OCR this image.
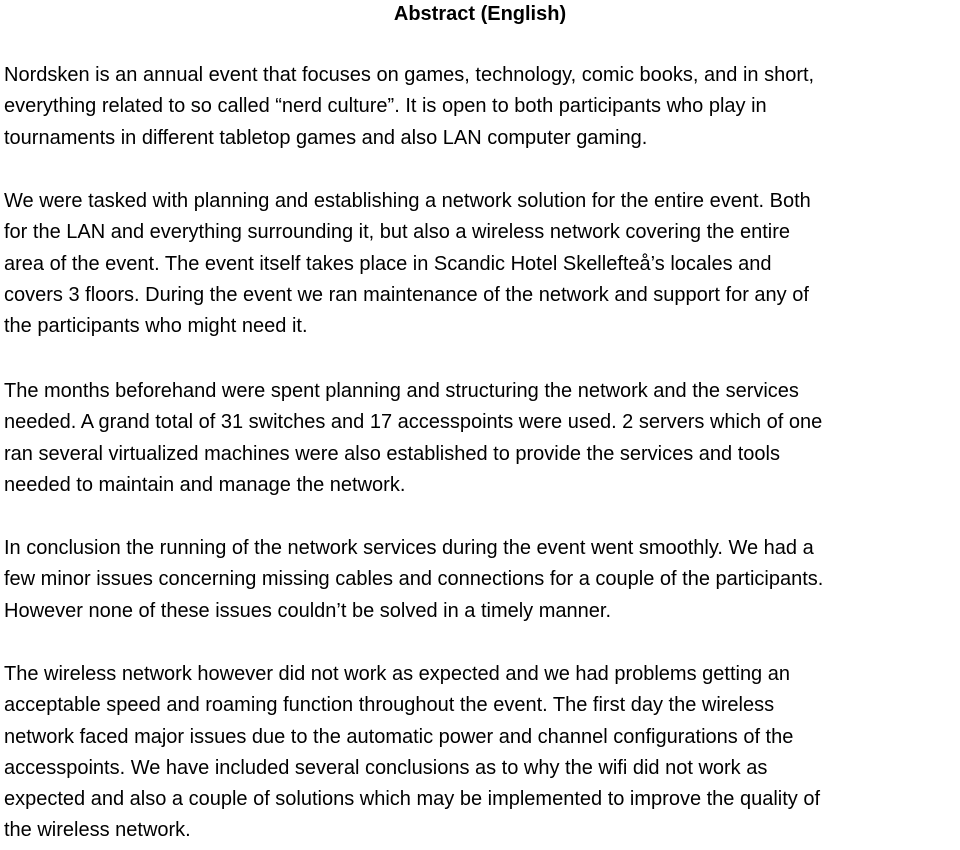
Abstract (English)

Nordsken is an annual event that focuses on games, technology, comic books, and in short,
everything related to so called “nerd culture”. It is open to both participants who play in
tournaments in different tabletop games and also LAN computer gaming.

We were tasked with planning and establishing a network solution for the entire event. Both
for the LAN and everything surrounding it, but also a wireless network covering the entire
area of the event. The event itself takes place in Scandic Hotel Skellefteå’s locales and
covers 3 floors. During the event we ran maintenance of the network and support for any of
the participants who might need it.

The months beforehand were spent planning and structuring the network and the services
needed. A grand total of 31 switches and 17 accesspoints were used. 2 servers which of one
ran several virtualized machines were also established to provide the services and tools
needed to maintain and manage the network.

In conclusion the running of the network services during the event went smoothly. We had a
few minor issues concerning missing cables and connections for a couple of the participants.
However none of these issues couldn’t be solved in a timely manner.

The wireless network however did not work as expected and we had problems getting an
acceptable speed and roaming function throughout the event. The first day the wireless
network faced major issues due to the automatic power and channel configurations of the
accesspoints. We have included several conclusions as to why the wifi did not work as
expected and also a couple of solutions which may be implemented to improve the quality of
the wireless network.
